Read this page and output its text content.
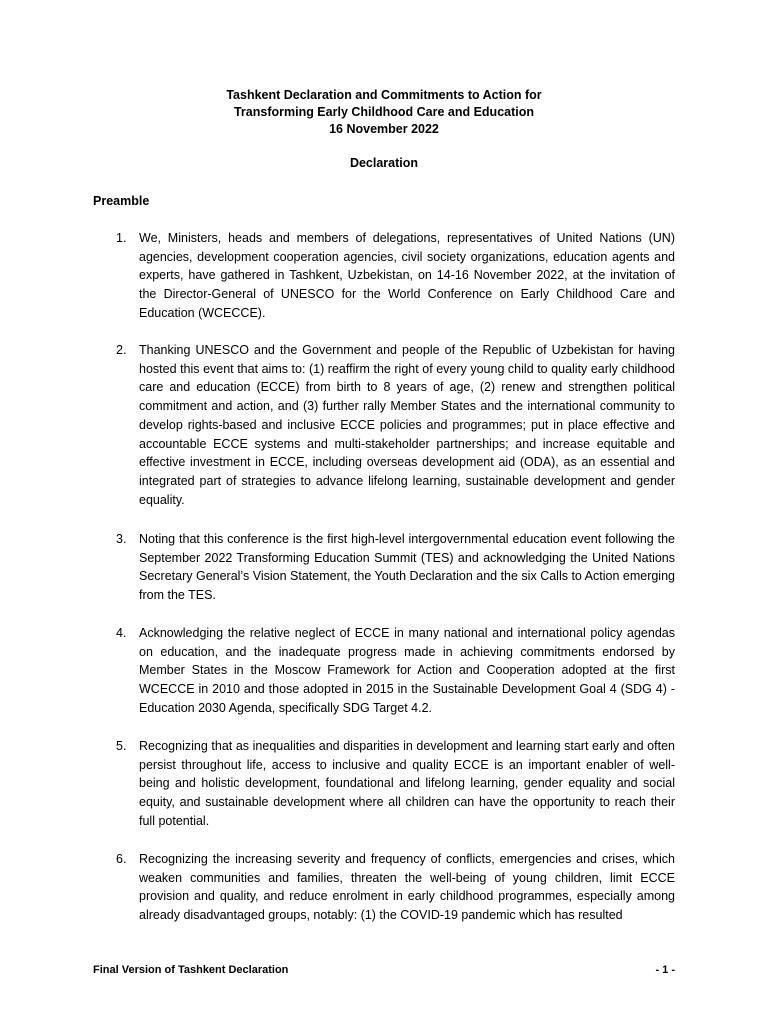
Tashkent Declaration and Commitments to Action for
Transforming Early Childhood Care and Education
16 November 2022
Declaration
Preamble
1.	We, Ministers, heads and members of delegations, representatives of United Nations (UN) agencies, development cooperation agencies, civil society organizations, education agents and experts, have gathered in Tashkent, Uzbekistan, on 14-16 November 2022, at the invitation of the Director-General of UNESCO for the World Conference on Early Childhood Care and Education (WCECCE).
2.	Thanking UNESCO and the Government and people of the Republic of Uzbekistan for having hosted this event that aims to: (1) reaffirm the right of every young child to quality early childhood care and education (ECCE) from birth to 8 years of age, (2) renew and strengthen political commitment and action, and (3) further rally Member States and the international community to develop rights-based and inclusive ECCE policies and programmes; put in place effective and accountable ECCE systems and multi-stakeholder partnerships; and increase equitable and effective investment in ECCE, including overseas development aid (ODA), as an essential and integrated part of strategies to advance lifelong learning, sustainable development and gender equality.
3.	Noting that this conference is the first high-level intergovernmental education event following the September 2022 Transforming Education Summit (TES) and acknowledging the United Nations Secretary General’s Vision Statement, the Youth Declaration and the six Calls to Action emerging from the TES.
4.	Acknowledging the relative neglect of ECCE in many national and international policy agendas on education, and the inadequate progress made in achieving commitments endorsed by Member States in the Moscow Framework for Action and Cooperation adopted at the first WCECCE in 2010 and those adopted in 2015 in the Sustainable Development Goal 4 (SDG 4) - Education 2030 Agenda, specifically SDG Target 4.2.
5.	Recognizing that as inequalities and disparities in development and learning start early and often persist throughout life, access to inclusive and quality ECCE is an important enabler of well-being and holistic development, foundational and lifelong learning, gender equality and social equity, and sustainable development where all children can have the opportunity to reach their full potential.
6.	Recognizing the increasing severity and frequency of conflicts, emergencies and crises, which weaken communities and families, threaten the well-being of young children, limit ECCE provision and quality, and reduce enrolment in early childhood programmes, especially among already disadvantaged groups, notably: (1) the COVID-19 pandemic which has resulted
Final Version of Tashkent Declaration	- 1 -
